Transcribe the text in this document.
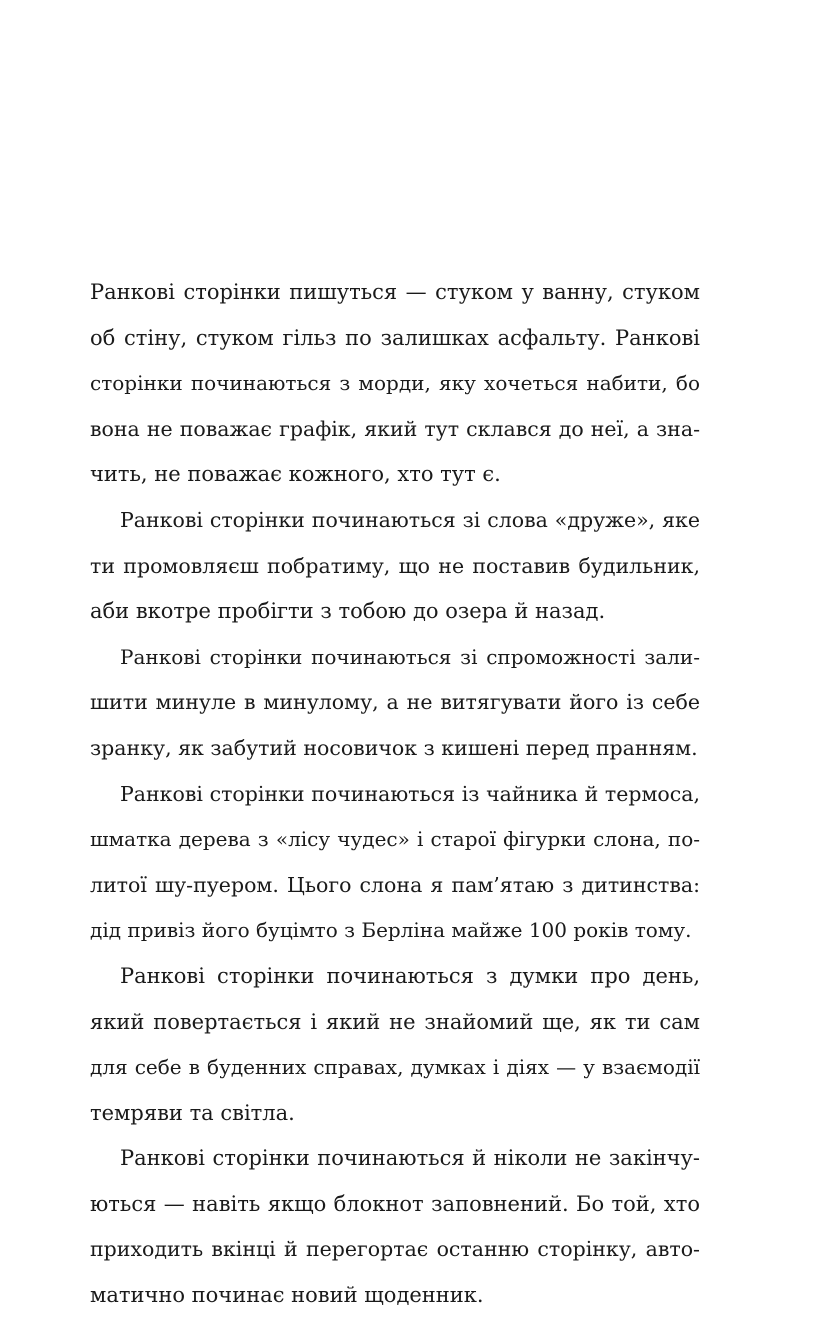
Ранкові сторінки пишуться — стуком у ванну, стуком
об стіну, стуком гільз по залишках асфальту. Ранкові
сторінки починаються з морди, яку хочеться набити, бо
вона не поважає графік, який тут склався до неї, а зна-
чить, не поважає кожного, хто тут є.
Ранкові сторінки починаються зі слова «друже», яке
ти промовляєш побратиму, що не поставив будильник,
аби вкотре пробігти з тобою до озера й назад.
Ранкові сторінки починаються зі спроможності зали-
шити минуле в минулому, а не витягувати його із себе
зранку, як забутий носовичок з кишені перед пранням.
Ранкові сторінки починаються із чайника й термоса,
шматка дерева з «лісу чудес» і старої фігурки слона, по-
литої шу-пуером. Цього слона я пам’ятаю з дитинства:
дід привіз його буцімто з Берліна майже 100 років тому.
Ранкові сторінки починаються з думки про день,
який повертається і який не знайомий ще, як ти сам
для себе в буденних справах, думках і діях — у взаємодії
темряви та світла.
Ранкові сторінки починаються й ніколи не закінчу-
ються — навіть якщо блокнот заповнений. Бо той, хто
приходить вкінці й перегортає останню сторінку, авто-
матично починає новий щоденник.
